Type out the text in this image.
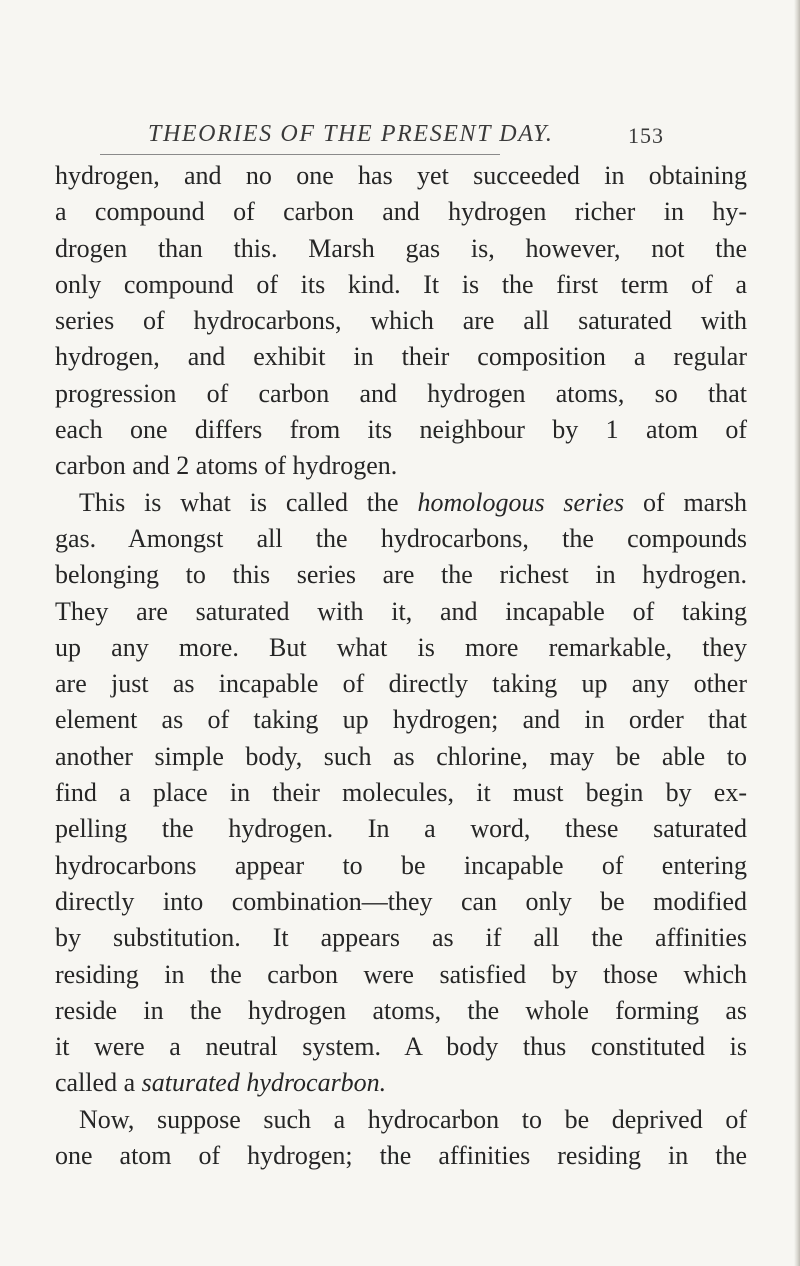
THEORIES OF THE PRESENT DAY.	153
hydrogen, and no one has yet succeeded in obtaining
a compound of carbon and hydrogen richer in hy-
drogen than this. Marsh gas is, however, not the
only compound of its kind. It is the first term of a
series of hydrocarbons, which are all saturated with
hydrogen, and exhibit in their composition a regular
progression of carbon and hydrogen atoms, so that
each one differs from its neighbour by 1 atom of
carbon and 2 atoms of hydrogen.
This is what is called the homologous series of marsh
gas. Amongst all the hydrocarbons, the compounds
belonging to this series are the richest in hydrogen.
They are saturated with it, and incapable of taking
up any more. But what is more remarkable, they
are just as incapable of directly taking up any other
element as of taking up hydrogen; and in order that
another simple body, such as chlorine, may be able to
find a place in their molecules, it must begin by ex-
pelling the hydrogen. In a word, these saturated
hydrocarbons appear to be incapable of entering
directly into combination—they can only be modified
by substitution. It appears as if all the affinities
residing in the carbon were satisfied by those which
reside in the hydrogen atoms, the whole forming as
it were a neutral system. A body thus constituted is
called a saturated hydrocarbon.
Now, suppose such a hydrocarbon to be deprived of
one atom of hydrogen; the affinities residing in the
